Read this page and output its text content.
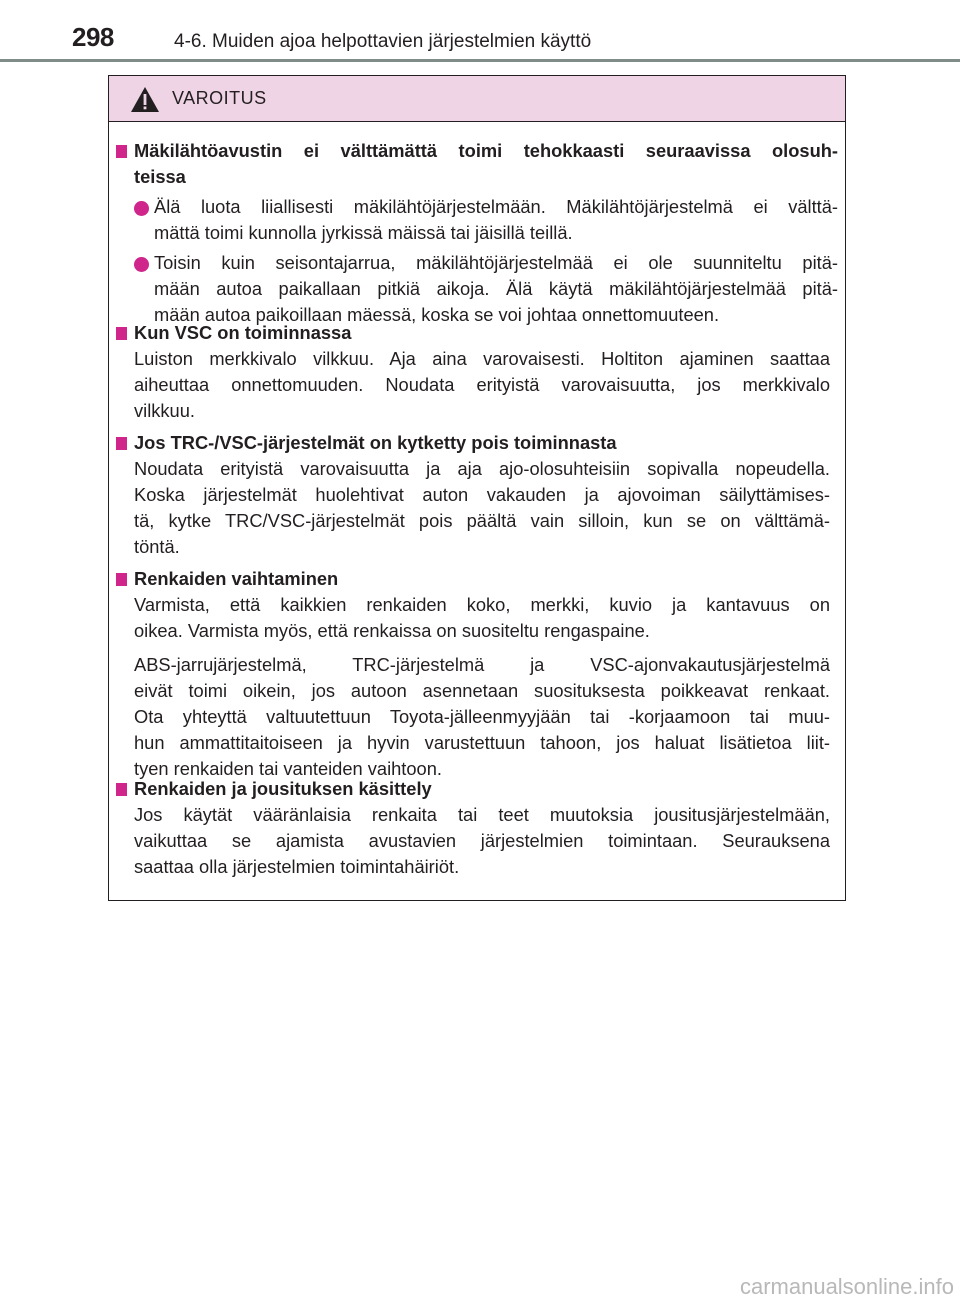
298	4-6. Muiden ajoa helpottavien järjestelmien käyttö
VAROITUS
Mäkilähtöavustin ei välttämättä toimi tehokkaasti seuraavissa olosuh-
teissa
Älä luota liiallisesti mäkilähtöjärjestelmään. Mäkilähtöjärjestelmä ei välttä-
mättä toimi kunnolla jyrkissä mäissä tai jäisillä teillä.
Toisin kuin seisontajarrua, mäkilähtöjärjestelmää ei ole suunniteltu pitä-
mään autoa paikallaan pitkiä aikoja. Älä käytä mäkilähtöjärjestelmää pitä-
mään autoa paikoillaan mäessä, koska se voi johtaa onnettomuuteen.
Kun VSC on toiminnassa
Luiston merkkivalo vilkkuu. Aja aina varovaisesti. Holtiton ajaminen saattaa
aiheuttaa onnettomuuden. Noudata erityistä varovaisuutta, jos merkkivalo
vilkkuu.
Jos TRC-/VSC-järjestelmät on kytketty pois toiminnasta
Noudata erityistä varovaisuutta ja aja ajo-olosuhteisiin sopivalla nopeudella.
Koska järjestelmät huolehtivat auton vakauden ja ajovoiman säilyttämises-
tä, kytke TRC/VSC-järjestelmät pois päältä vain silloin, kun se on välttämä-
töntä.
Renkaiden vaihtaminen
Varmista, että kaikkien renkaiden koko, merkki, kuvio ja kantavuus on
oikea. Varmista myös, että renkaissa on suositeltu rengaspaine.
ABS-jarrujärjestelmä, TRC-järjestelmä ja VSC-ajonvakautusjärjestelmä
eivät toimi oikein, jos autoon asennetaan suosituksesta poikkeavat renkaat.
Ota yhteyttä valtuutettuun Toyota-jälleenmyyjään tai -korjaamoon tai muu-
hun ammattitaitoiseen ja hyvin varustettuun tahoon, jos haluat lisätietoa liit-
tyen renkaiden tai vanteiden vaihtoon.
Renkaiden ja jousituksen käsittely
Jos käytät vääränlaisia renkaita tai teet muutoksia jousitusjärjestelmään,
vaikuttaa se ajamista avustavien järjestelmien toimintaan. Seurauksena
saattaa olla järjestelmien toimintahäiriöt.
carmanualsonline.info
